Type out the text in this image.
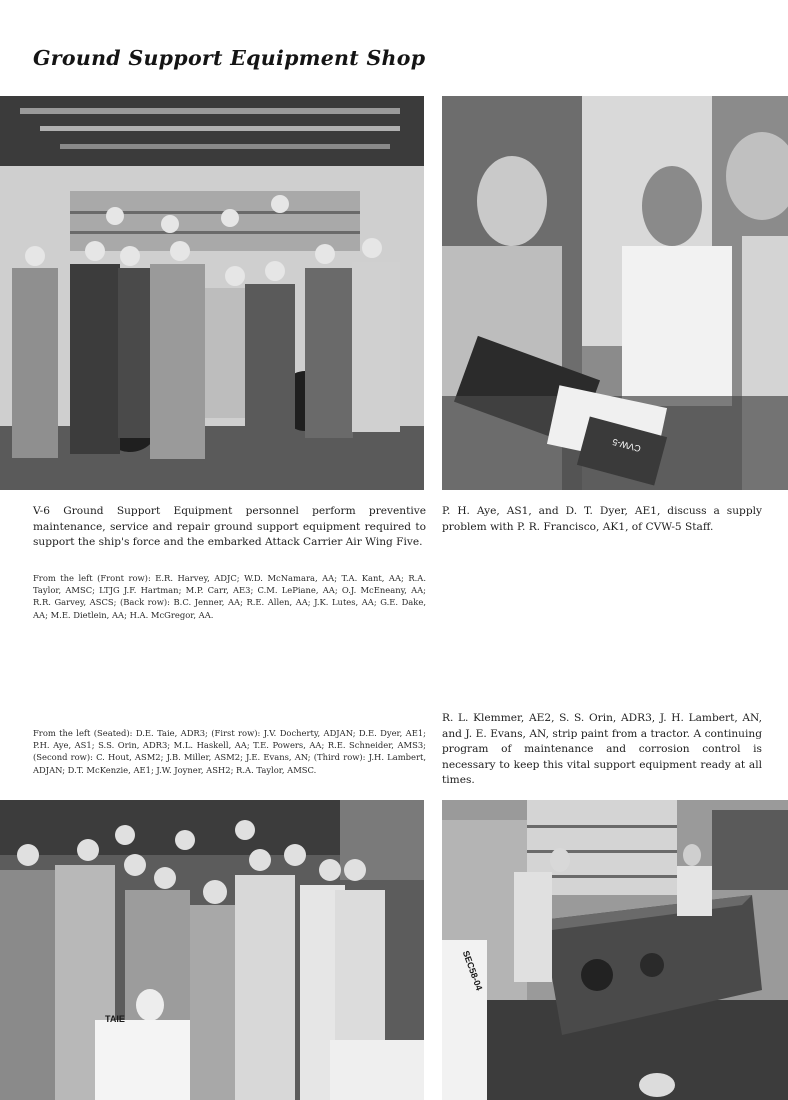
Ground Support Equipment Shop
CVW-5

V-6 Ground Support Equipment personnel perform preventive maintenance, service and repair ground support equipment required to support the ship's force and the embarked Attack Carrier Air Wing Five.

From the left (Front row): E.R. Harvey, ADJC; W.D. McNamara, AA; T.A. Kant, AA; R.A. Taylor, AMSC; LTJG J.F. Hartman; M.P. Carr, AE3; C.M. LePiane, AA; O.J. McEneany, AA; R.R. Garvey, ASCS; (Back row): B.C. Jenner, AA; R.E. Allen, AA; J.K. Lutes, AA; G.E. Dake, AA; M.E. Dietlein, AA; H.A. McGregor, AA.

P. H. Aye, AS1, and D. T. Dyer, AE1, discuss a supply problem with P. R. Francisco, AK1, of CVW-5 Staff.

From the left (Seated): D.E. Taie, ADR3; (First row): J.V. Docherty, ADJAN; D.E. Dyer, AE1; P.H. Aye, AS1; S.S. Orin, ADR3; M.L. Haskell, AA; T.E. Powers, AA; R.E. Schneider, AMS3; (Second row): C. Hout, ASM2; J.B. Miller, ASM2; J.E. Evans, AN; (Third row): J.H. Lambert, ADJAN; D.T. McKenzie, AE1; J.W. Joyner, ASH2; R.A. Taylor, AMSC.

R. L. Klemmer, AE2, S. S. Orin, ADR3, J. H. Lambert, AN, and J. E. Evans, AN, strip paint from a tractor. A continuing program of maintenance and corrosion control is necessary to keep this vital support equipment ready at all times.

TAIE
SEC58-04
